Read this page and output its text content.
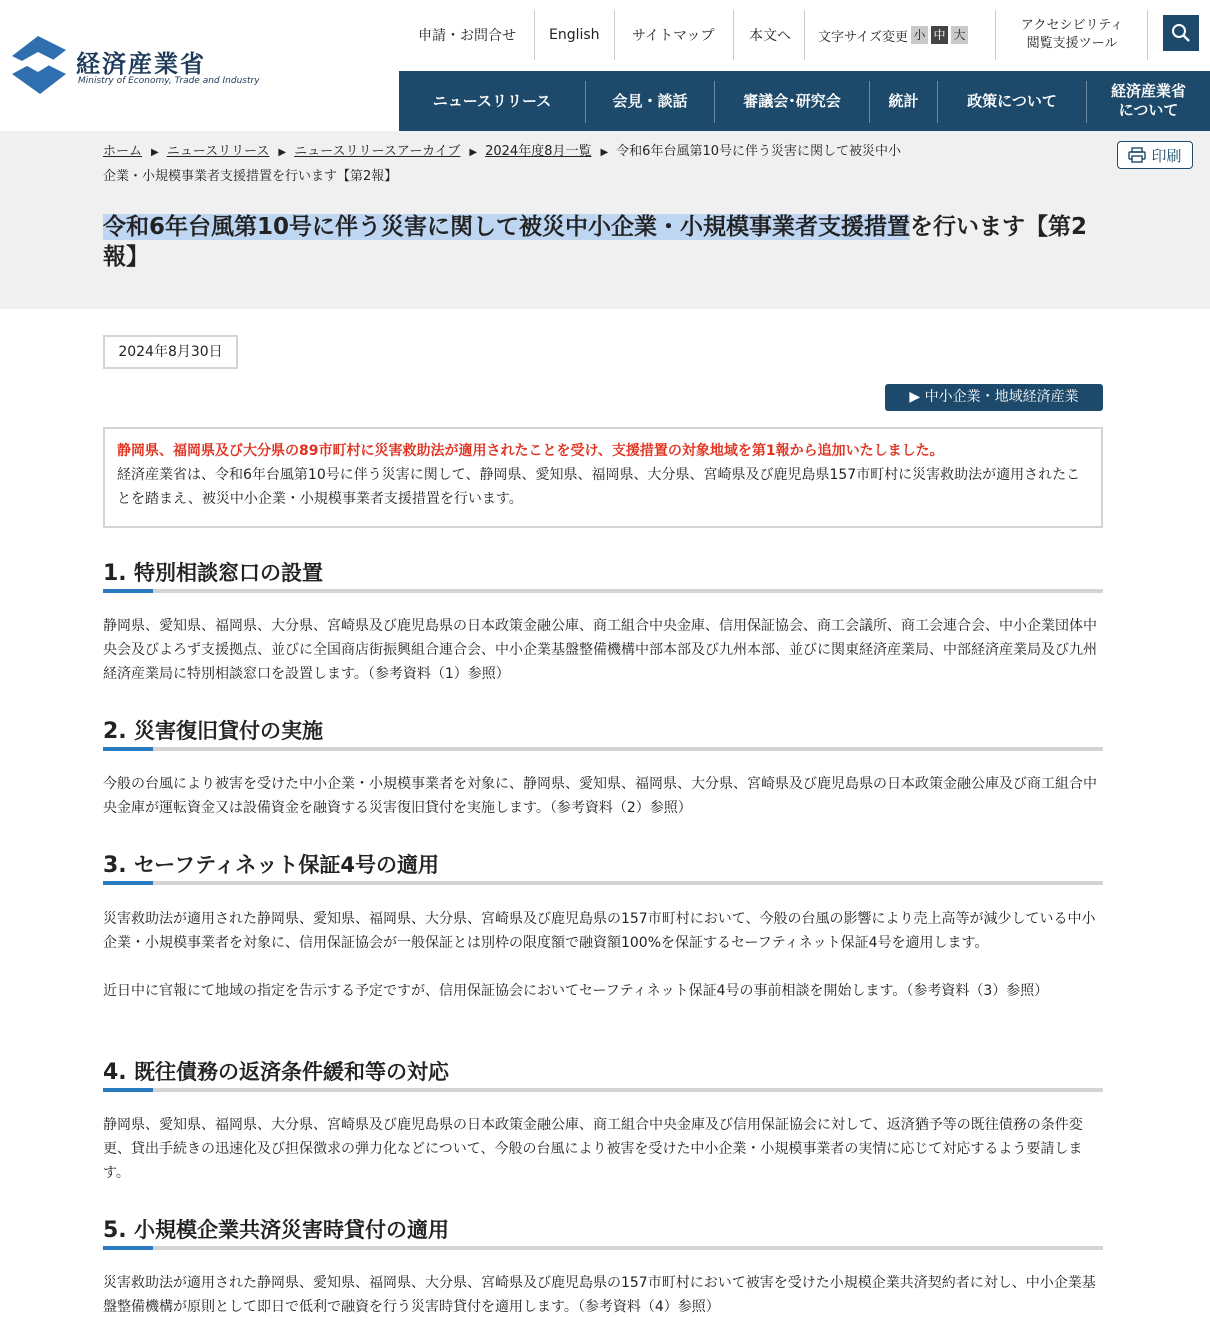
経済産業省
Ministry of Economy, Trade and Industry
申請・お問合せ English サイトマップ 本文へ 文字サイズ変更 小 中 大
アクセシビリティ
閲覧支援ツール
ニュースリリース	会見・談話	審議会･研究会	統計	政策について
経済産業省
について
ホーム ▶ ニュースリリース ▶ ニュースリリースアーカイブ ▶ 2024年度8月一覧 ▶ 令和6年台風第10号に伴う災害に関して被災中小企業・小規模事業者支援措置を行います【第2報】
印刷
令和6年台風第10号に伴う災害に関して被災中小企業・小規模事業者支援措置を行います【第2報】
2024年8月30日
▶ 中小企業・地域経済産業
静岡県、福岡県及び大分県の89市町村に災害救助法が適用されたことを受け、支援措置の対象地域を第1報から追加いたしました。
経済産業省は、令和6年台風第10号に伴う災害に関して、静岡県、愛知県、福岡県、大分県、宮崎県及び鹿児島県157市町村に災害救助法が適用されたことを踏まえ、被災中小企業・小規模事業者支援措置を行います。
1. 特別相談窓口の設置
静岡県、愛知県、福岡県、大分県、宮崎県及び鹿児島県の日本政策金融公庫、商工組合中央金庫、信用保証協会、商工会議所、商工会連合会、中小企業団体中央会及びよろず支援拠点、並びに全国商店街振興組合連合会、中小企業基盤整備機構中部本部及び九州本部、並びに関東経済産業局、中部経済産業局及び九州経済産業局に特別相談窓口を設置します。（参考資料（1）参照）
2. 災害復旧貸付の実施
今般の台風により被害を受けた中小企業・小規模事業者を対象に、静岡県、愛知県、福岡県、大分県、宮崎県及び鹿児島県の日本政策金融公庫及び商工組合中央金庫が運転資金又は設備資金を融資する災害復旧貸付を実施します。（参考資料（2）参照）
3. セーフティネット保証4号の適用
災害救助法が適用された静岡県、愛知県、福岡県、大分県、宮崎県及び鹿児島県の157市町村において、今般の台風の影響により売上高等が減少している中小企業・小規模事業者を対象に、信用保証協会が一般保証とは別枠の限度額で融資額100%を保証するセーフティネット保証4号を適用します。
近日中に官報にて地域の指定を告示する予定ですが、信用保証協会においてセーフティネット保証4号の事前相談を開始します。（参考資料（3）参照）
4. 既往債務の返済条件緩和等の対応
静岡県、愛知県、福岡県、大分県、宮崎県及び鹿児島県の日本政策金融公庫、商工組合中央金庫及び信用保証協会に対して、返済猶予等の既往債務の条件変更、貸出手続きの迅速化及び担保徴求の弾力化などについて、今般の台風により被害を受けた中小企業・小規模事業者の実情に応じて対応するよう要請します。
5. 小規模企業共済災害時貸付の適用
災害救助法が適用された静岡県、愛知県、福岡県、大分県、宮崎県及び鹿児島県の157市町村において被害を受けた小規模企業共済契約者に対し、中小企業基盤整備機構が原則として即日で低利で融資を行う災害時貸付を適用します。（参考資料（4）参照）
